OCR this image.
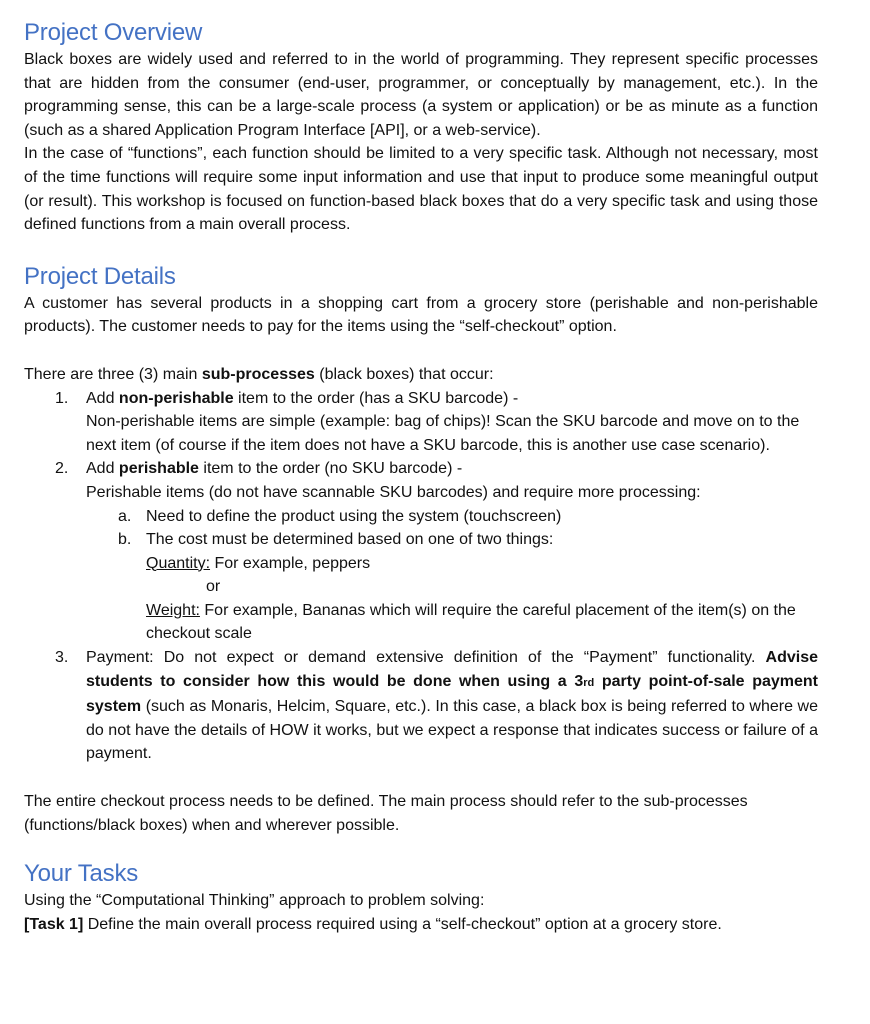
Project Overview

Black boxes are widely used and referred to in the world of programming. They represent specific processes that are hidden from the consumer (end-user, programmer, or conceptually by management, etc.). In the programming sense, this can be a large-scale process (a system or application) or be as minute as a function (such as a shared Application Program Interface [API], or a web-service).

In the case of “functions”, each function should be limited to a very specific task. Although not necessary, most of the time functions will require some input information and use that input to produce some meaningful output (or result). This workshop is focused on function-based black boxes that do a very specific task and using those defined functions from a main overall process.

Project Details

A customer has several products in a shopping cart from a grocery store (perishable and non-perishable products). The customer needs to pay for the items using the “self-checkout” option.

There are three (3) main sub-processes (black boxes) that occur:

1. Add non-perishable item to the order (has a SKU barcode) -
Non-perishable items are simple (example: bag of chips)! Scan the SKU barcode and move on to the next item (of course if the item does not have a SKU barcode, this is another use case scenario).
2. Add perishable item to the order (no SKU barcode) -
Perishable items (do not have scannable SKU barcodes) and require more processing:
a. Need to define the product using the system (touchscreen)
b. The cost must be determined based on one of two things:
Quantity: For example, peppers
or
Weight: For example, Bananas which will require the careful placement of the item(s) on the checkout scale
3. Payment: Do not expect or demand extensive definition of the “Payment” functionality. Advise students to consider how this would be done when using a 3rd party point-of-sale payment system (such as Monaris, Helcim, Square, etc.). In this case, a black box is being referred to where we do not have the details of HOW it works, but we expect a response that indicates success or failure of a payment.

The entire checkout process needs to be defined. The main process should refer to the sub-processes (functions/black boxes) when and wherever possible.

Your Tasks

Using the “Computational Thinking” approach to problem solving:

[Task 1] Define the main overall process required using a “self-checkout” option at a grocery store.
